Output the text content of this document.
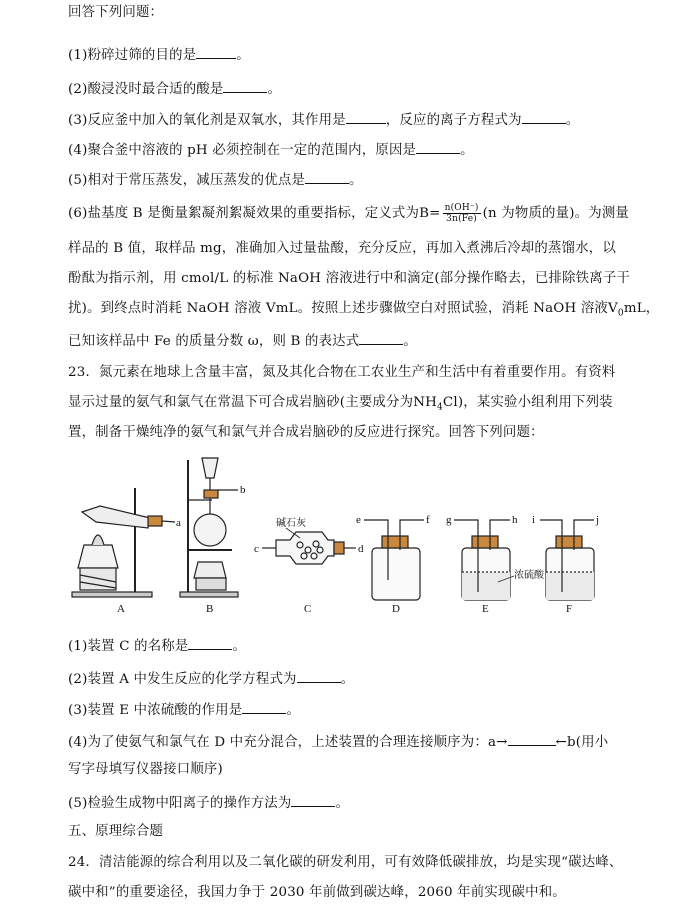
回答下列问题：
(1)粉碎过筛的目的是	。
(2)酸浸没时最合适的酸是	。
(3)反应釜中加入的氧化剂是双氧水，其作用是	，反应的离子方程式为	。
(4)聚合釜中溶液的 pH 必须控制在一定的范围内，原因是	。
(5)相对于常压蒸发，减压蒸发的优点是	。
(6)盐基度 B 是衡量絮凝剂絮凝效果的重要指标，定义式为$B= \frac{n(OH^-)}{3n(Fe)} (n$ 为物质的量)。为测量
样品的 B 值，取样品 mg，准确加入过量盐酸，充分反应，再加入煮沸后冷却的蒸馏水，以
酚酞为指示剂，用 cmol/L 的标准 NaOH 溶液进行中和滴定(部分操作略去，已排除铁离子干
扰)。到终点时消耗 NaOH 溶液 VmL。按照上述步骤做空白对照试验，消耗 NaOH 溶液$V_0mL$，
已知该样品中 Fe 的质量分数 ω，则 B 的表达式	。
23．氮元素在地球上含量丰富，氮及其化合物在工农业生产和生活中有着重要作用。有资料
显示过量的氨气和氯气在常温下可合成岩脑砂(主要成分为$NH_4Cl$)，某实验小组利用下列装
置，制备干燥纯净的氨气和氯气并合成岩脑砂的反应进行探究。回答下列问题：
a
b
c	d
e	f g	h i	j
碱石灰
浓硫酸
A	B	C	D	E	F
(1)装置 C 的名称是	。
(2)装置 A 中发生反应的化学方程式为	。
(3)装置 E 中浓硫酸的作用是	。
(4)为了使氨气和氯气在 D 中充分混合，上述装置的合理连接顺序为：a→	←b(用小
写字母填写仪器接口顺序)
(5)检验生成物中阳离子的操作方法为	。
五、原理综合题
24．清洁能源的综合利用以及二氧化碳的研发利用，可有效降低碳排放，均是实现“碳达峰、
碳中和”的重要途径，我国力争于 2030 年前做到碳达峰，2060 年前实现碳中和。
